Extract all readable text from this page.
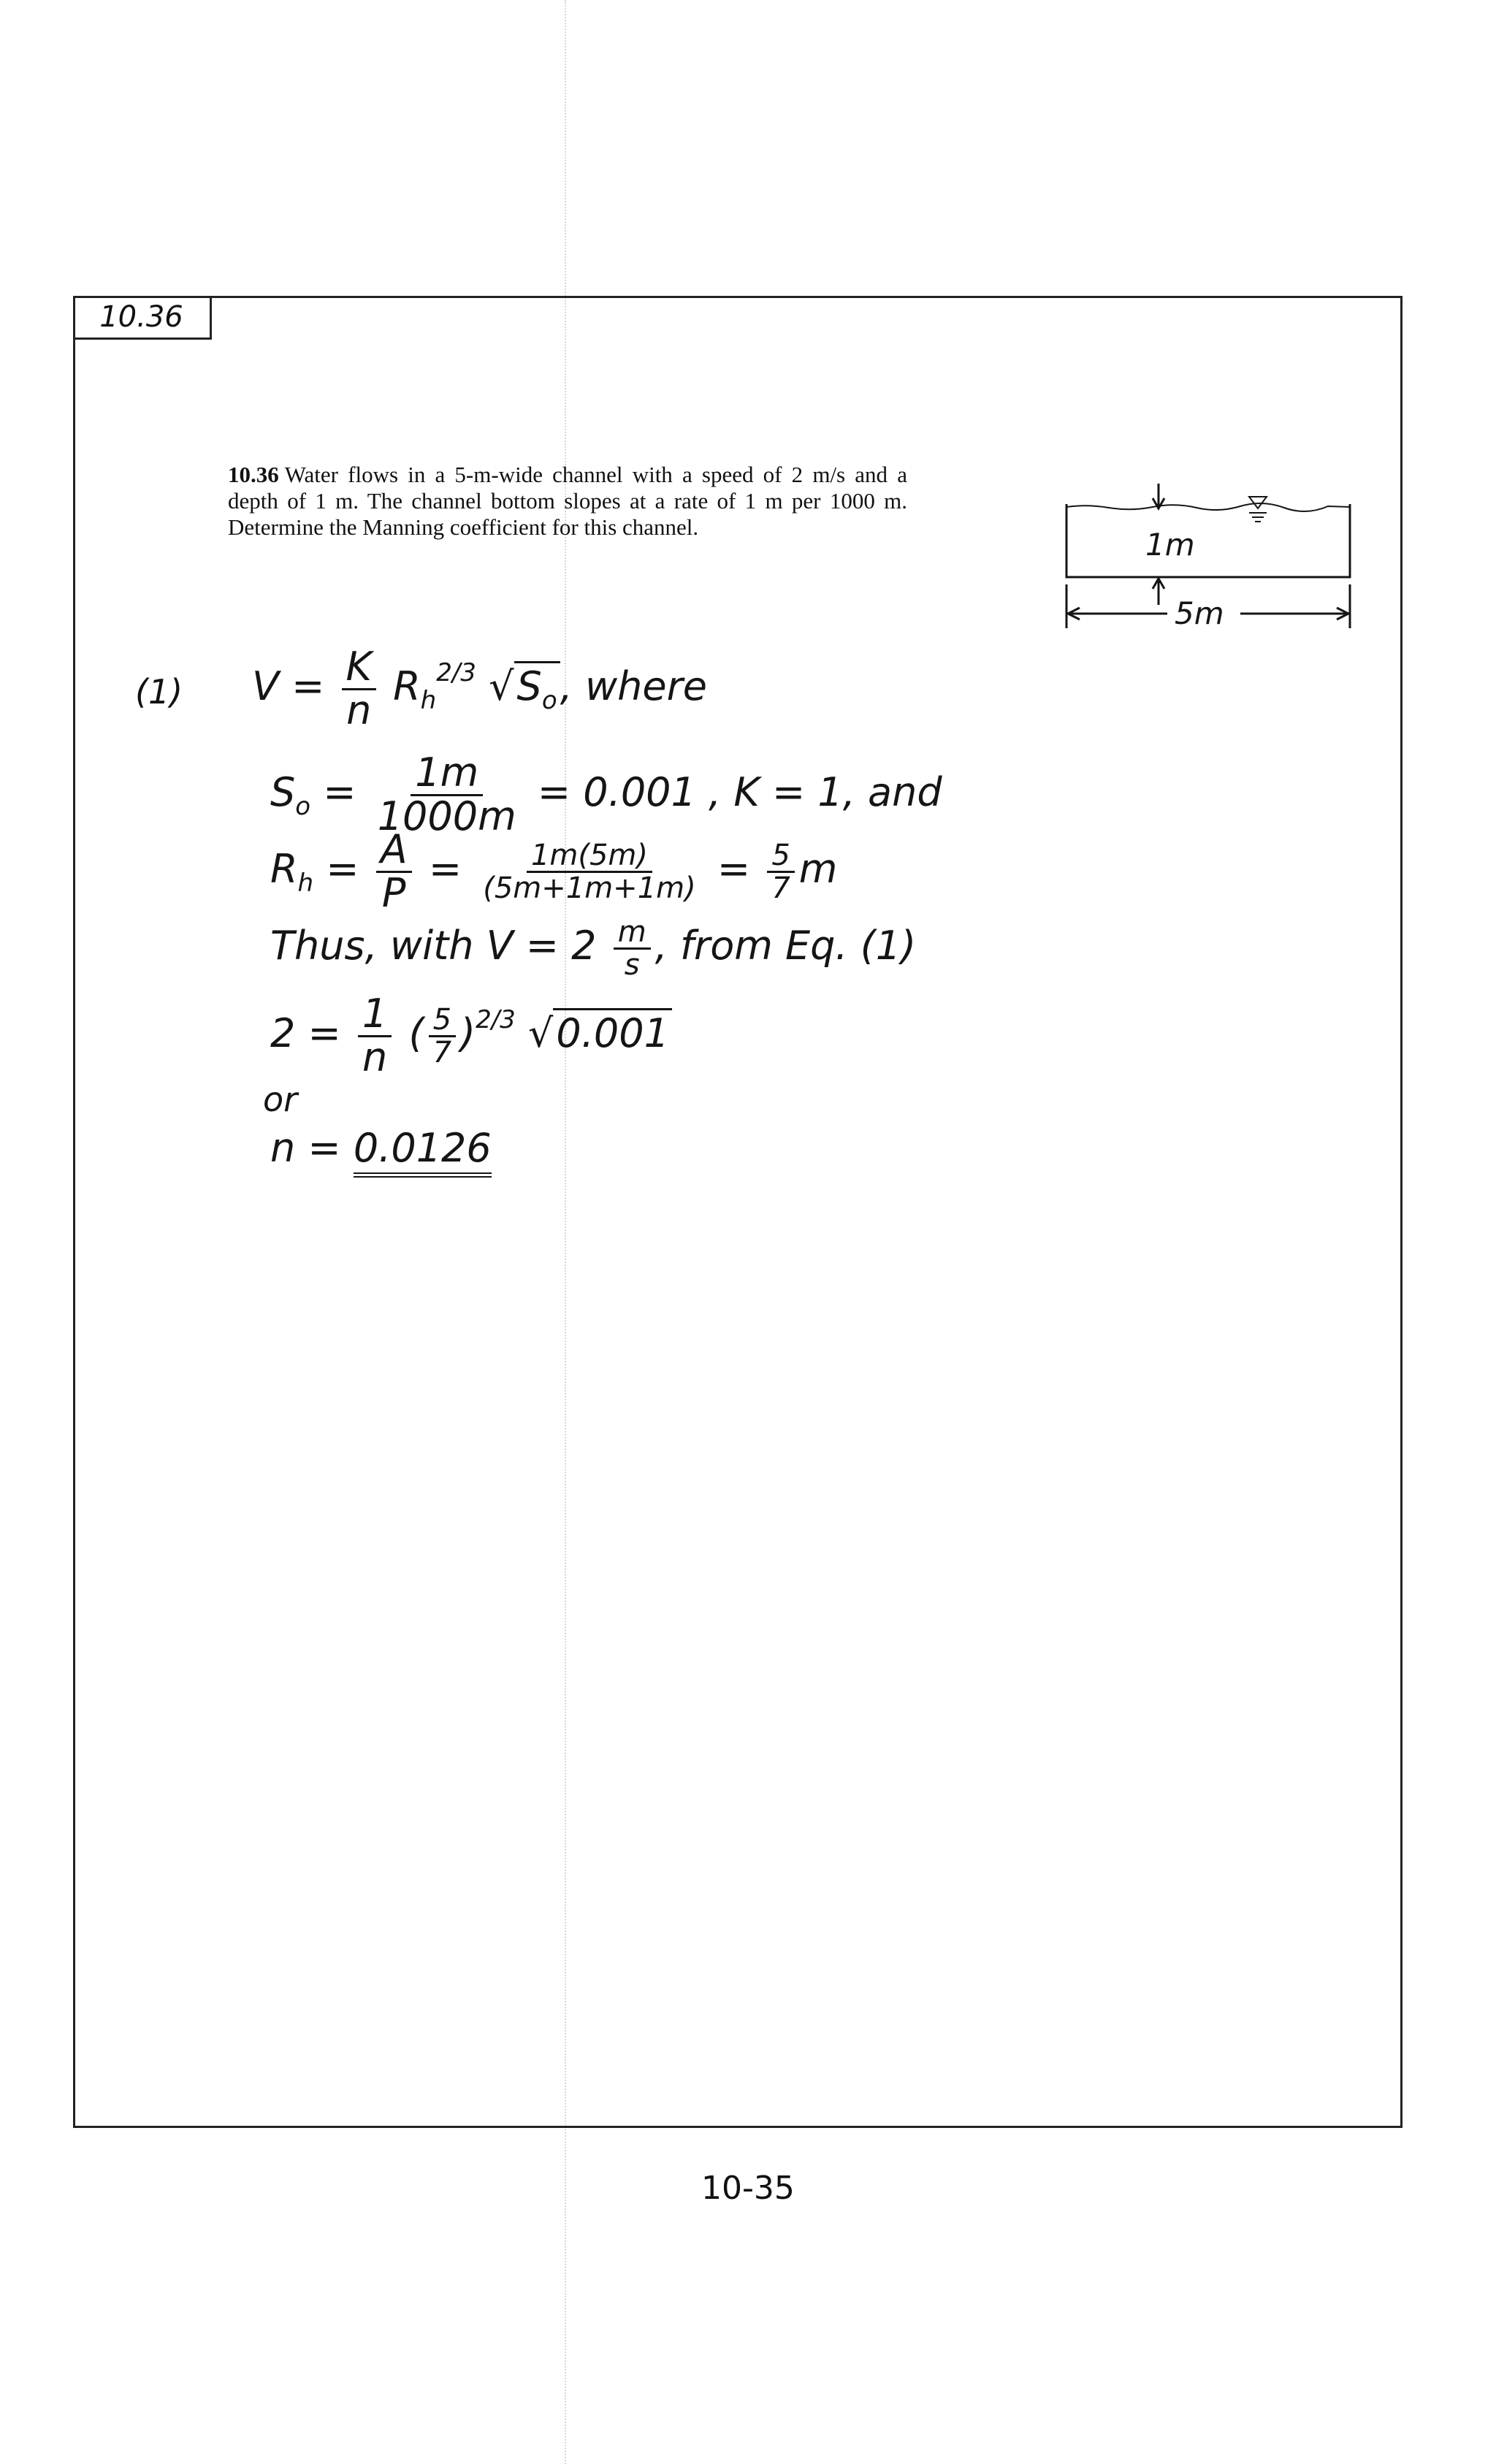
10.36
10.36 Water flows in a 5-m-wide channel with a speed of 2 m/s and a depth of 1 m. The channel bottom slopes at a rate of 1 m per 1000 m. Determine the Manning coefficient for this channel.	1m
5m
(1) $V = \frac{K}{n} R_h^{2/3}$ $√S_o$, where
$S_o = \frac{1m}{1000m} = 0.001$ , K = 1, and
$R_h = \frac{A}{P} = \frac{1m(5m)}{(5m+1m+1m)} = \frac{5}{7}$ m
Thus, with $V = 2 \frac{m}{s}$ , from Eq. (1)
$2 = \frac{1}{n}$ ( $\frac{5}{7} )^{2/3}$ √0.001
or
n = 0.0126
10-35
